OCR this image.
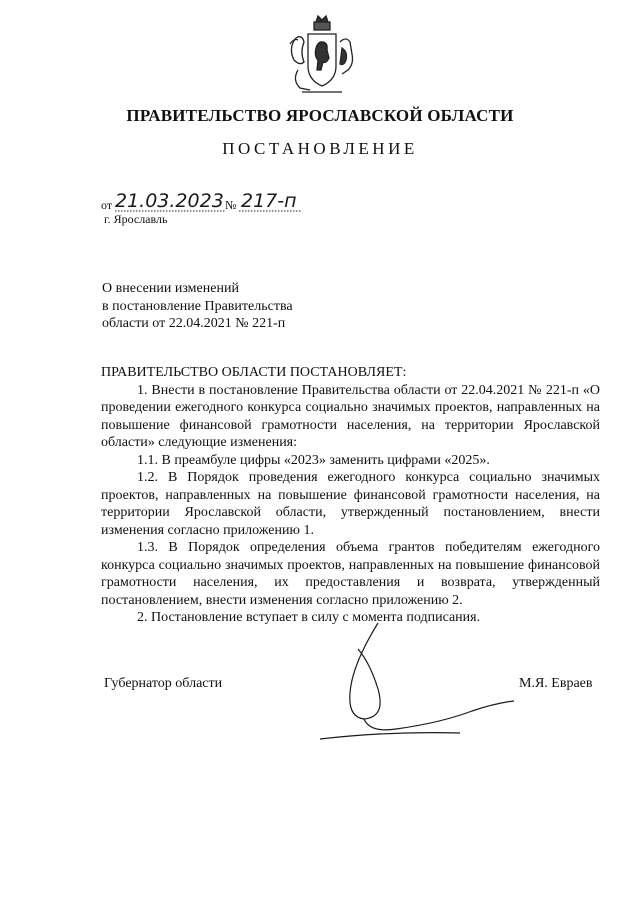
ПРАВИТЕЛЬСТВО ЯРОСЛАВСКОЙ ОБЛАСТИ
ПОСТАНОВЛЕНИЕ
от 21.03.2023 № 217-п
г. Ярославль
О внесении изменений
в постановление Правительства
области от 22.04.2021 № 221-п

ПРАВИТЕЛЬСТВО ОБЛАСТИ ПОСТАНОВЛЯЕТ:

1. Внести в постановление Правительства области от 22.04.2021 № 221-п «О проведении ежегодного конкурса социально значимых проектов, направленных на повышение финансовой грамотности населения, на территории Ярославской области» следующие изменения:

1.1. В преамбуле цифры «2023» заменить цифрами «2025».

1.2. В Порядок проведения ежегодного конкурса социально значимых проектов, направленных на повышение финансовой грамотности населения, на территории Ярославской области, утвержденный постановлением, внести изменения согласно приложению 1.

1.3. В Порядок определения объема грантов победителям ежегодного конкурса социально значимых проектов, направленных на повышение финансовой грамотности населения, их предоставления и возврата, утвержденный постановлением, внести изменения согласно приложению 2.

2. Постановление вступает в силу с момента подписания.

Губернатор области	М.Я. Евраев
